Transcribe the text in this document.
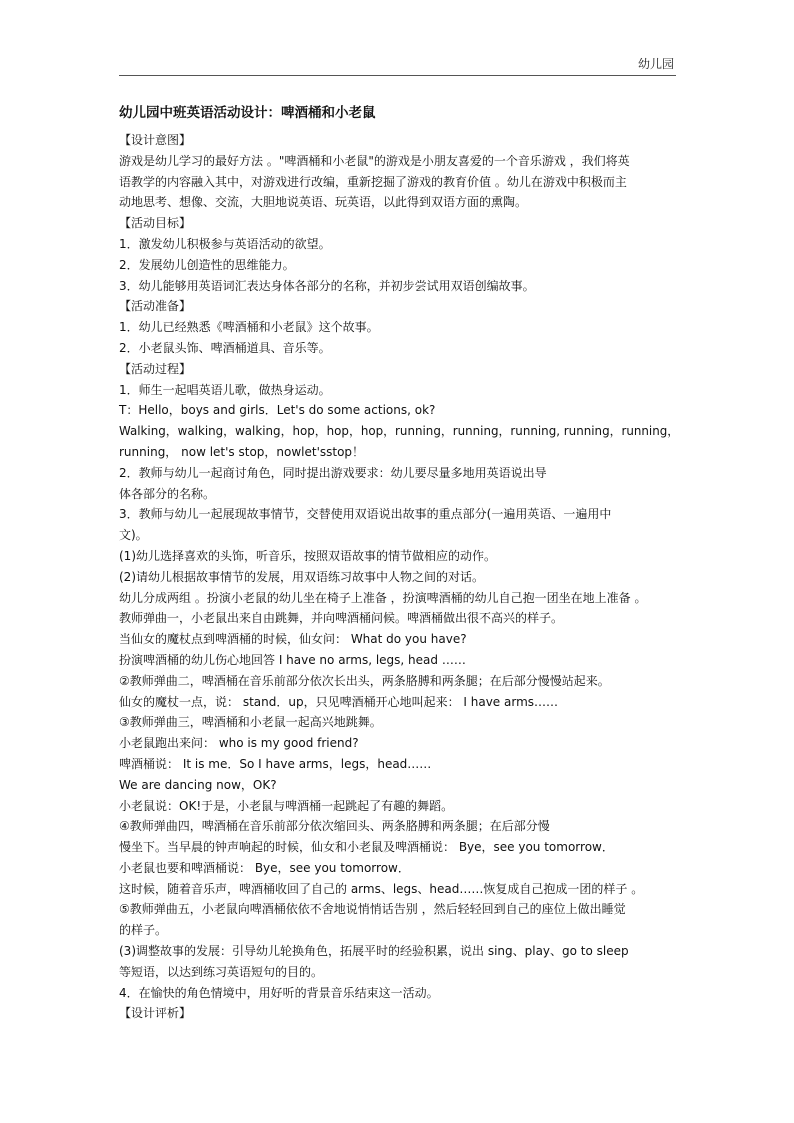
幼儿园
幼儿园中班英语活动设计：啤酒桶和小老鼠

【设计意图】

游戏是幼儿学习的最好方法 。"啤酒桶和小老鼠"的游戏是小朋友喜爱的一个音乐游戏 ，我们将英

语教学的内容融入其中，对游戏进行改编，重新挖掘了游戏的教育价值 。幼儿在游戏中积极而主

动地思考、想像、交流，大胆地说英语、玩英语，以此得到双语方面的熏陶。

【活动目标】

1．激发幼儿积极参与英语活动的欲望。

2．发展幼儿创造性的思维能力。

3．幼儿能够用英语词汇表达身体各部分的名称，并初步尝试用双语创编故事。

【活动准备】

1．幼儿已经熟悉《啤酒桶和小老鼠》这个故事。

2．小老鼠头饰、啤酒桶道具、音乐等。

【活动过程】

1．师生一起唱英语儿歌，做热身运动。

T：Hello，boys and girls．Let's do some actions, ok?

Walking，walking，walking，hop，hop，hop，running，running，running, running，running，

running， now let's stop，nowlet'sstop！

2．教师与幼儿一起商讨角色，同时提出游戏要求：幼儿要尽量多地用英语说出导

体各部分的名称。

3．教师与幼儿一起展现故事情节，交替使用双语说出故事的重点部分(一遍用英语、一遍用中

文)。

(1)幼儿选择喜欢的头饰，听音乐，按照双语故事的情节做相应的动作。

(2)请幼儿根据故事情节的发展，用双语练习故事中人物之间的对话。

幼儿分成两组 。扮演小老鼠的幼儿坐在椅子上准备 ，扮演啤酒桶的幼儿自己抱一团坐在地上准备 。

教师弹曲一，小老鼠出来自由跳舞，并向啤酒桶问候。啤酒桶做出很不高兴的样子。

当仙女的魔杖点到啤酒桶的时候，仙女问： What do you have?

扮演啤酒桶的幼儿伤心地回答 I have no arms, legs, head ……

②教师弹曲二，啤酒桶在音乐前部分依次长出头，两条胳膊和两条腿；在后部分慢慢站起来。

仙女的魔杖一点，说： stand．up，只见啤酒桶开心地叫起来： I have arms……

③教师弹曲三，啤酒桶和小老鼠一起高兴地跳舞。

小老鼠跑出来问： who is my good friend?

啤酒桶说： It is me．So I have arms，legs，head……

We are dancing now，OK?

小老鼠说：OK!于是，小老鼠与啤酒桶一起跳起了有趣的舞蹈。

④教师弹曲四，啤酒桶在音乐前部分依次缩回头、两条胳膊和两条腿；在后部分慢

慢坐下。当早晨的钟声响起的时候，仙女和小老鼠及啤酒桶说： Bye，see you tomorrow．

小老鼠也要和啤酒桶说： Bye，see you tomorrow．

这时候，随着音乐声，啤酒桶收回了自己的 arms、legs、head……恢复成自己抱成一团的样子 。

⑤教师弹曲五，小老鼠向啤酒桶依依不舍地说悄悄话告别 ，然后轻轻回到自己的座位上做出睡觉

的样子。

(3)调整故事的发展：引导幼儿轮换角色，拓展平时的经验积累，说出 sing、play、go to sleep

等短语，以达到练习英语短句的目的。

4．在愉快的角色情境中，用好听的背景音乐结束这一活动。

【设计评析】
